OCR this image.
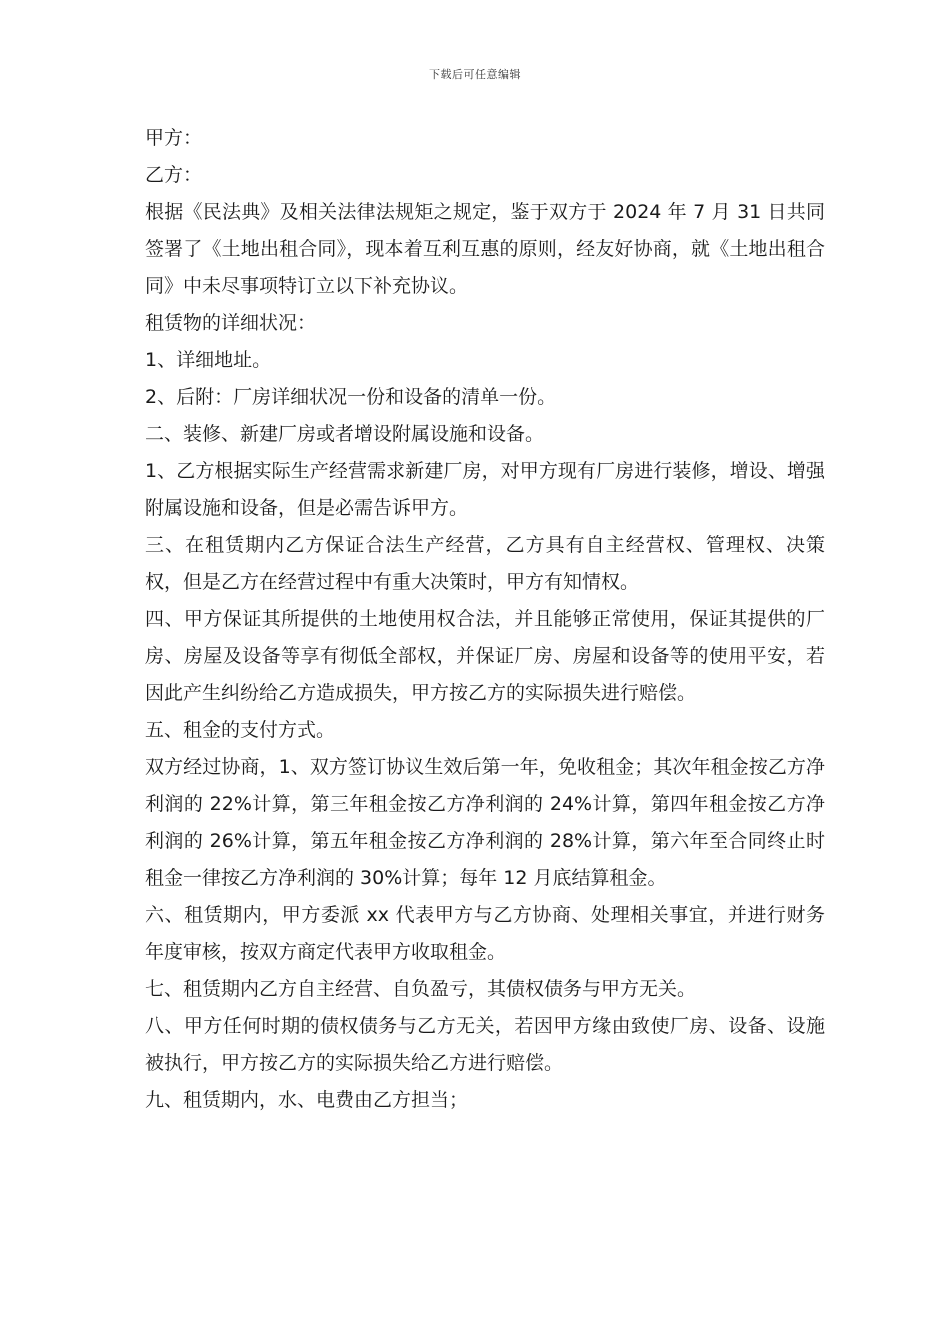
下载后可任意编辑

甲方：

乙方：

根据《民法典》及相关法律法规矩之规定，鉴于双方于 2024 年 7 月 31 日共同签署了《土地出租合同》，现本着互利互惠的原则，经友好协商，就《土地出租合同》中未尽事项特订立以下补充协议。

租赁物的详细状况：

1、详细地址。

2、后附：厂房详细状况一份和设备的清单一份。

二、装修、新建厂房或者增设附属设施和设备。

1、乙方根据实际生产经营需求新建厂房，对甲方现有厂房进行装修，增设、增强附属设施和设备，但是必需告诉甲方。

三、在租赁期内乙方保证合法生产经营，乙方具有自主经营权、管理权、决策权，但是乙方在经营过程中有重大决策时，甲方有知情权。

四、甲方保证其所提供的土地使用权合法，并且能够正常使用，保证其提供的厂房、房屋及设备等享有彻低全部权，并保证厂房、房屋和设备等的使用平安，若因此产生纠纷给乙方造成损失，甲方按乙方的实际损失进行赔偿。

五、租金的支付方式。

双方经过协商，1、双方签订协议生效后第一年，免收租金；其次年租金按乙方净利润的 22%计算，第三年租金按乙方净利润的 24%计算，第四年租金按乙方净利润的 26%计算，第五年租金按乙方净利润的 28%计算，第六年至合同终止时租金一律按乙方净利润的 30%计算；每年 12 月底结算租金。

六、租赁期内，甲方委派 xx 代表甲方与乙方协商、处理相关事宜，并进行财务年度审核，按双方商定代表甲方收取租金。

七、租赁期内乙方自主经营、自负盈亏，其债权债务与甲方无关。

八、甲方任何时期的债权债务与乙方无关，若因甲方缘由致使厂房、设备、设施被执行，甲方按乙方的实际损失给乙方进行赔偿。

九、租赁期内，水、电费由乙方担当；
